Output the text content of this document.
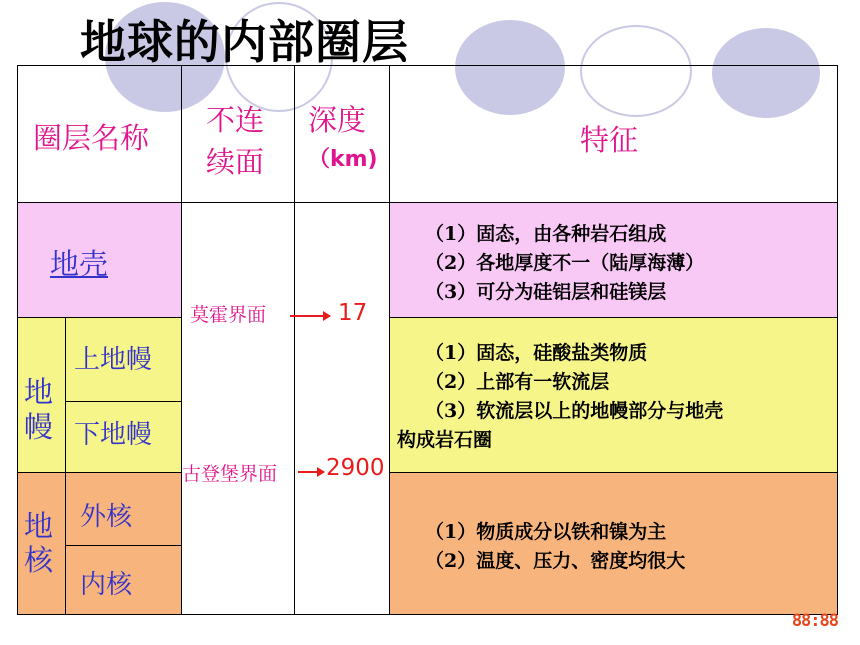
地球的内部圈层
圈层名称
不连
续面
深度
（km)
特征
地壳
（1）固态，由各种岩石组成
（2）各地厚度不一（陆厚海薄）
（3）可分为硅铝层和硅镁层
地
幔
上地幔
下地幔
（1）固态，硅酸盐类物质
（2）上部有一软流层
（3）软流层以上的地幔部分与地壳
构成岩石圈
地
核
外核
内核
（1）物质成分以铁和镍为主
（2）温度、压力、密度均很大
莫霍界面	17
古登堡界面 2900
88:88
